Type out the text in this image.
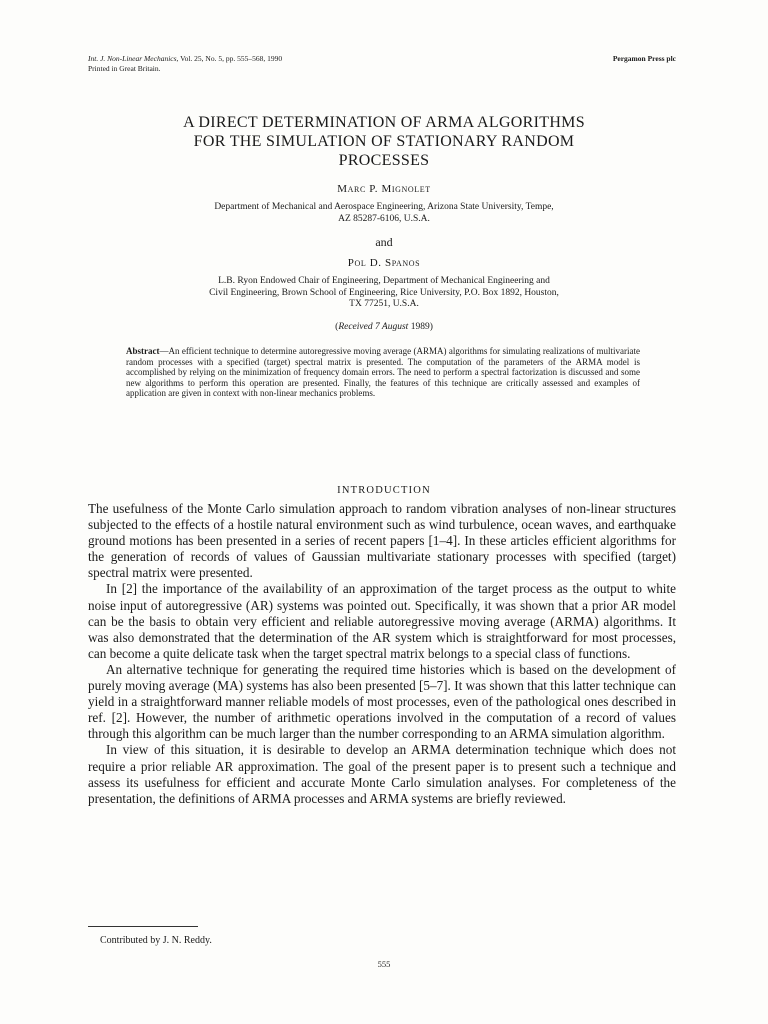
Int. J. Non-Linear Mechanics, Vol. 25, No. 5, pp. 555–568, 1990
Printed in Great Britain.
Pergamon Press plc
A DIRECT DETERMINATION OF ARMA ALGORITHMS
FOR THE SIMULATION OF STATIONARY RANDOM
PROCESSES
Marc P. Mignolet
Department of Mechanical and Aerospace Engineering, Arizona State University, Tempe,
AZ 85287-6106, U.S.A.
and
Pol D. Spanos
L.B. Ryon Endowed Chair of Engineering, Department of Mechanical Engineering and
Civil Engineering, Brown School of Engineering, Rice University, P.O. Box 1892, Houston,
TX 77251, U.S.A.
(Received 7 August 1989)
Abstract—An efficient technique to determine autoregressive moving average (ARMA) algorithms for simulating realizations of multivariate random processes with a specified (target) spectral matrix is presented. The computation of the parameters of the ARMA model is accomplished by relying on the minimization of frequency domain errors. The need to perform a spectral factorization is discussed and some new algorithms to perform this operation are presented. Finally, the features of this technique are critically assessed and examples of application are given in context with non-linear mechanics problems.
INTRODUCTION

The usefulness of the Monte Carlo simulation approach to random vibration analyses of non-linear structures subjected to the effects of a hostile natural environment such as wind turbulence, ocean waves, and earthquake ground motions has been presented in a series of recent papers [1–4]. In these articles efficient algorithms for the generation of records of values of Gaussian multivariate stationary processes with specified (target) spectral matrix were presented.

In [2] the importance of the availability of an approximation of the target process as the output to white noise input of autoregressive (AR) systems was pointed out. Specifically, it was shown that a prior AR model can be the basis to obtain very efficient and reliable autoregressive moving average (ARMA) algorithms. It was also demonstrated that the determination of the AR system which is straightforward for most processes, can become a quite delicate task when the target spectral matrix belongs to a special class of functions.

An alternative technique for generating the required time histories which is based on the development of purely moving average (MA) systems has also been presented [5–7]. It was shown that this latter technique can yield in a straightforward manner reliable models of most processes, even of the pathological ones described in ref. [2]. However, the number of arithmetic operations involved in the computation of a record of values through this algorithm can be much larger than the number corresponding to an ARMA simulation algorithm.

In view of this situation, it is desirable to develop an ARMA determination technique which does not require a prior reliable AR approximation. The goal of the present paper is to present such a technique and assess its usefulness for efficient and accurate Monte Carlo simulation analyses. For completeness of the presentation, the definitions of ARMA processes and ARMA systems are briefly reviewed.

Contributed by J. N. Reddy.
555
